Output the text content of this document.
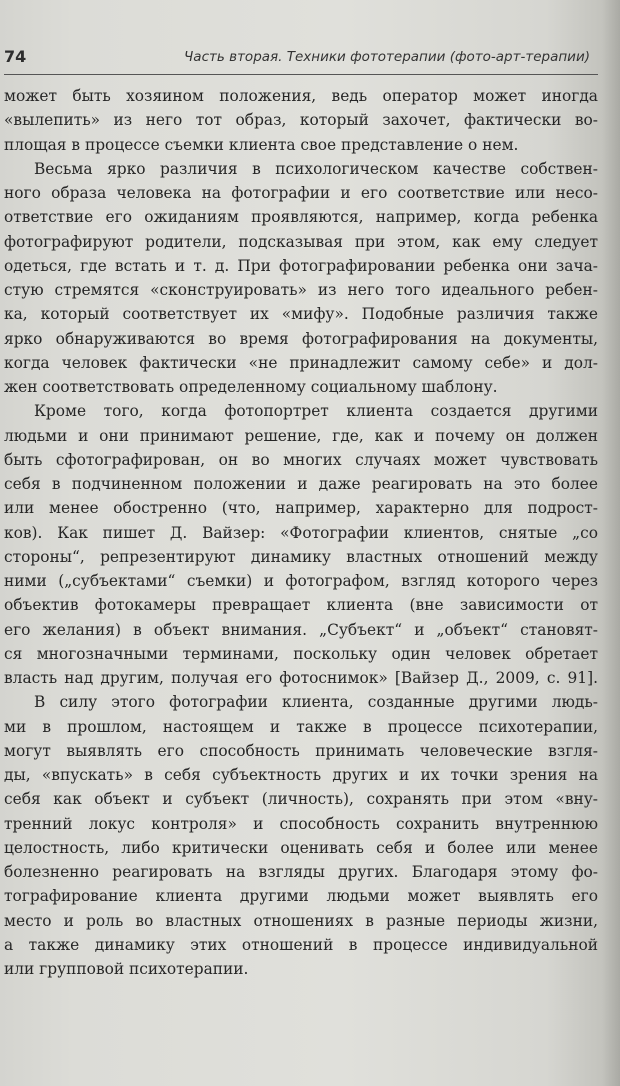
74	Часть вторая. Техники фототерапии (фото-арт-терапии)
может быть хозяином положения, ведь оператор может иногда
«вылепить» из него тот образ, который захочет, фактически во-
площая в процессе съемки клиента свое представление о нем.
Весьма ярко различия в психологическом качестве собствен-
ного образа человека на фотографии и его соответствие или несо-
ответствие его ожиданиям проявляются, например, когда ребенка
фотографируют родители, подсказывая при этом, как ему следует
одеться, где встать и т. д. При фотографировании ребенка они зача-
стую стремятся «сконструировать» из него того идеального ребен-
ка, который соответствует их «мифу». Подобные различия также
ярко обнаруживаются во время фотографирования на документы,
когда человек фактически «не принадлежит самому себе» и дол-
жен соответствовать определенному социальному шаблону.
Кроме того, когда фотопортрет клиента создается другими
людьми и они принимают решение, где, как и почему он должен
быть сфотографирован, он во многих случаях может чувствовать
себя в подчиненном положении и даже реагировать на это более
или менее обостренно (что, например, характерно для подрост-
ков). Как пишет Д. Вайзер: «Фотографии клиентов, снятые „со
стороны“, репрезентируют динамику властных отношений между
ними („субъектами“ съемки) и фотографом, взгляд которого через
объектив фотокамеры превращает клиента (вне зависимости от
его желания) в объект внимания. „Субъект“ и „объект“ становят-
ся многозначными терминами, поскольку один человек обретает
власть над другим, получая его фотоснимок» [Вайзер Д., 2009, с. 91].
В силу этого фотографии клиента, созданные другими людь-
ми в прошлом, настоящем и также в процессе психотерапии,
могут выявлять его способность принимать человеческие взгля-
ды, «впускать» в себя субъектность других и их точки зрения на
себя как объект и субъект (личность), сохранять при этом «вну-
тренний локус контроля» и способность сохранить внутреннюю
целостность, либо критически оценивать себя и более или менее
болезненно реагировать на взгляды других. Благодаря этому фо-
тографирование клиента другими людьми может выявлять его
место и роль во властных отношениях в разные периоды жизни,
а также динамику этих отношений в процессе индивидуальной
или групповой психотерапии.
